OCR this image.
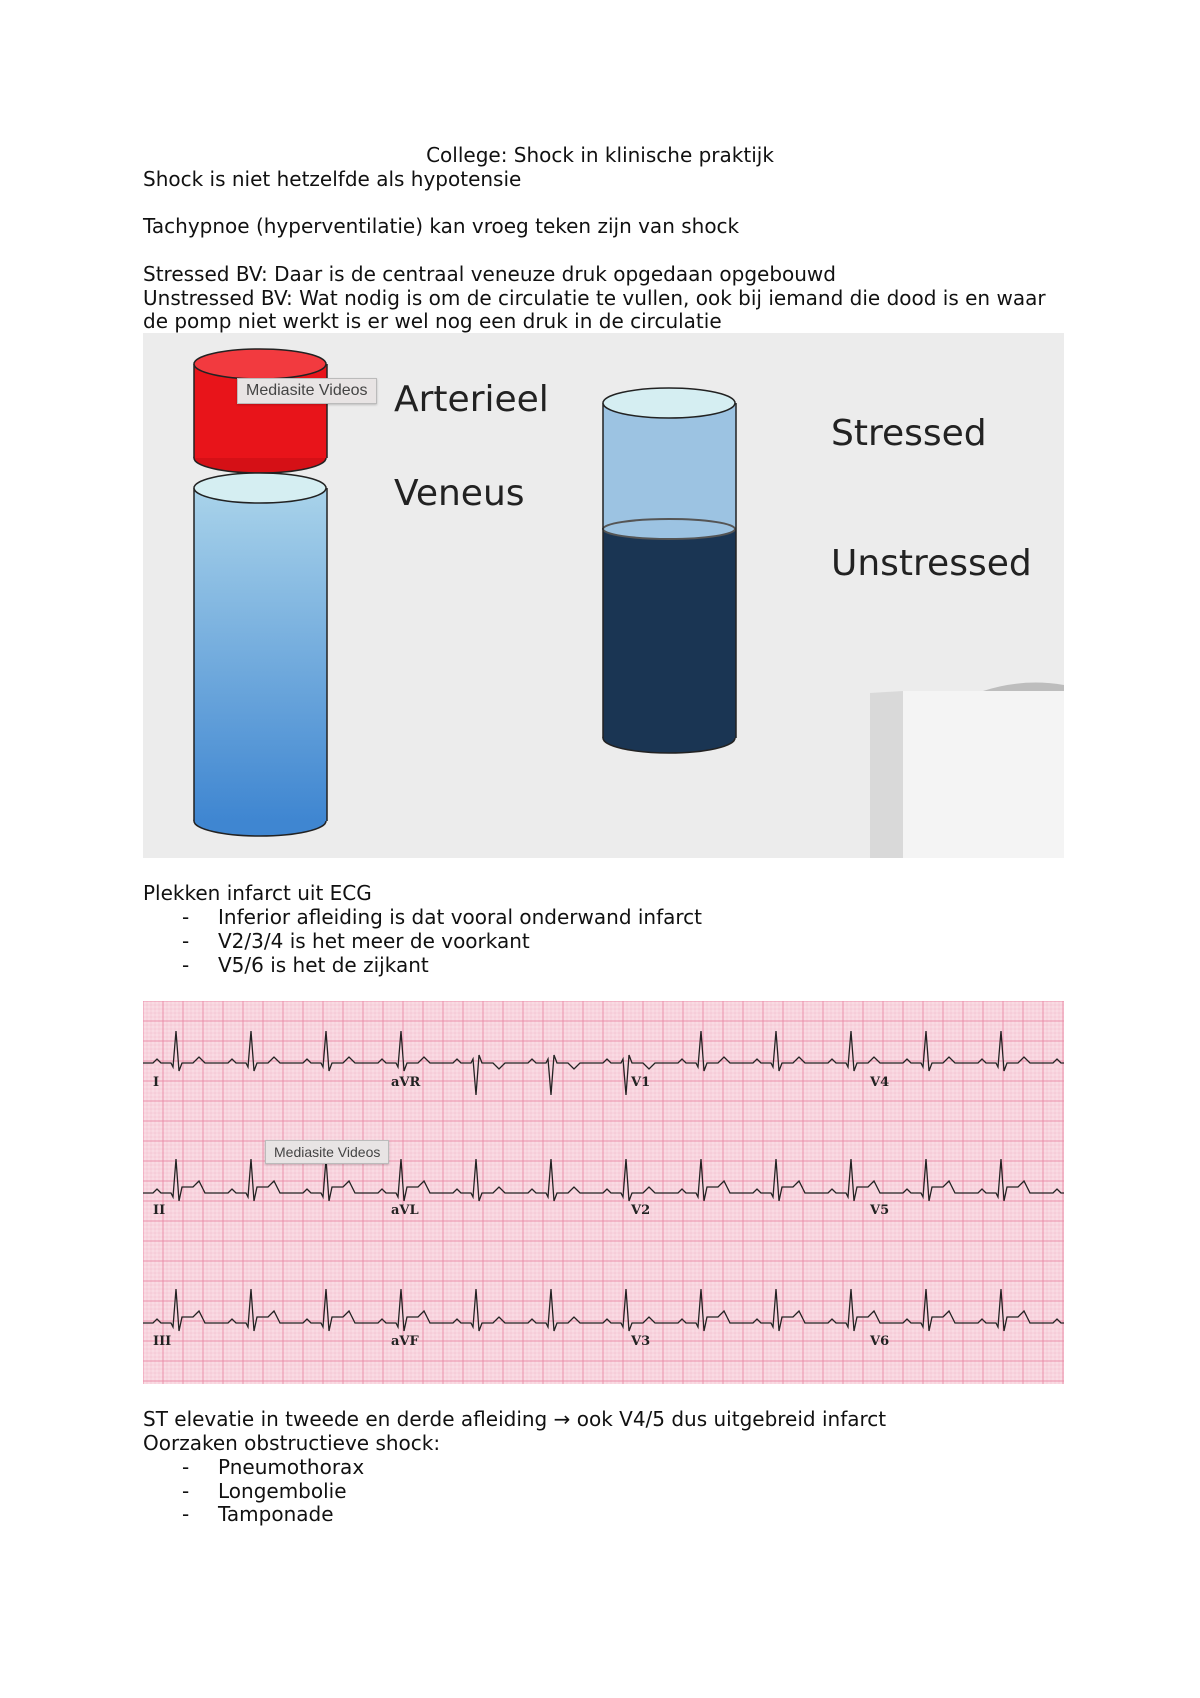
College: Shock in klinische praktijk
Shock is niet hetzelfde als hypotensie
Tachypnoe (hyperventilatie) kan vroeg teken zijn van shock
Stressed BV: Daar is de centraal veneuze druk opgedaan opgebouwd
Unstressed BV: Wat nodig is om de circulatie te vullen, ook bij iemand die dood is en waar
de pomp niet werkt is er wel nog een druk in de circulatie
Arterieel
Veneus
Stressed
Unstressed
Mediasite Videos
Plekken infarct uit ECG
- Inferior afleiding is dat vooral onderwand infarct
- V2/3/4 is het meer de voorkant
- V5/6 is het de zijkant
I	aVR	V1	V4
II	aVL	V2	V5
III	aVF	V3	V6
Mediasite Videos
ST elevatie in tweede en derde afleiding → ook V4/5 dus uitgebreid infarct
Oorzaken obstructieve shock:
- Pneumothorax
- Longembolie
- Tamponade
